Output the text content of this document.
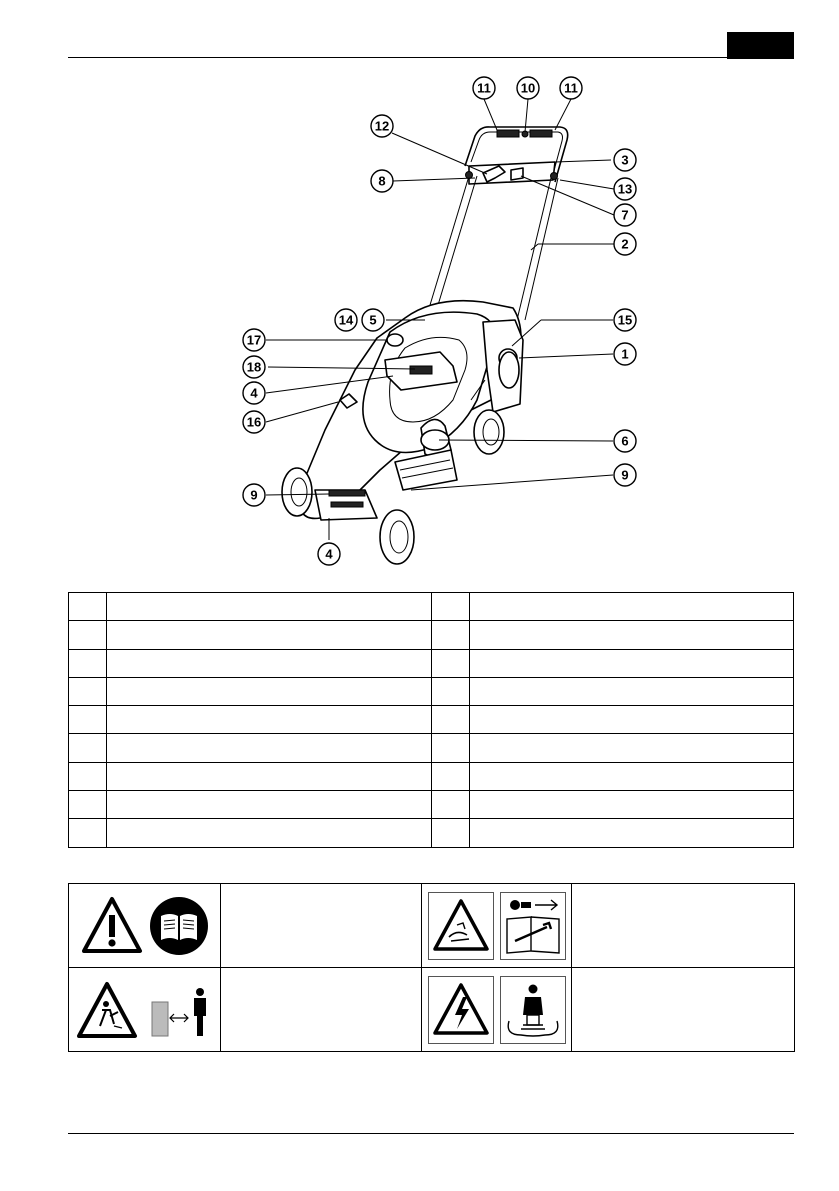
11 10 11
12
3
8
13
7
2
14 5	15
17
1
18
4
16
6
9
9
4
